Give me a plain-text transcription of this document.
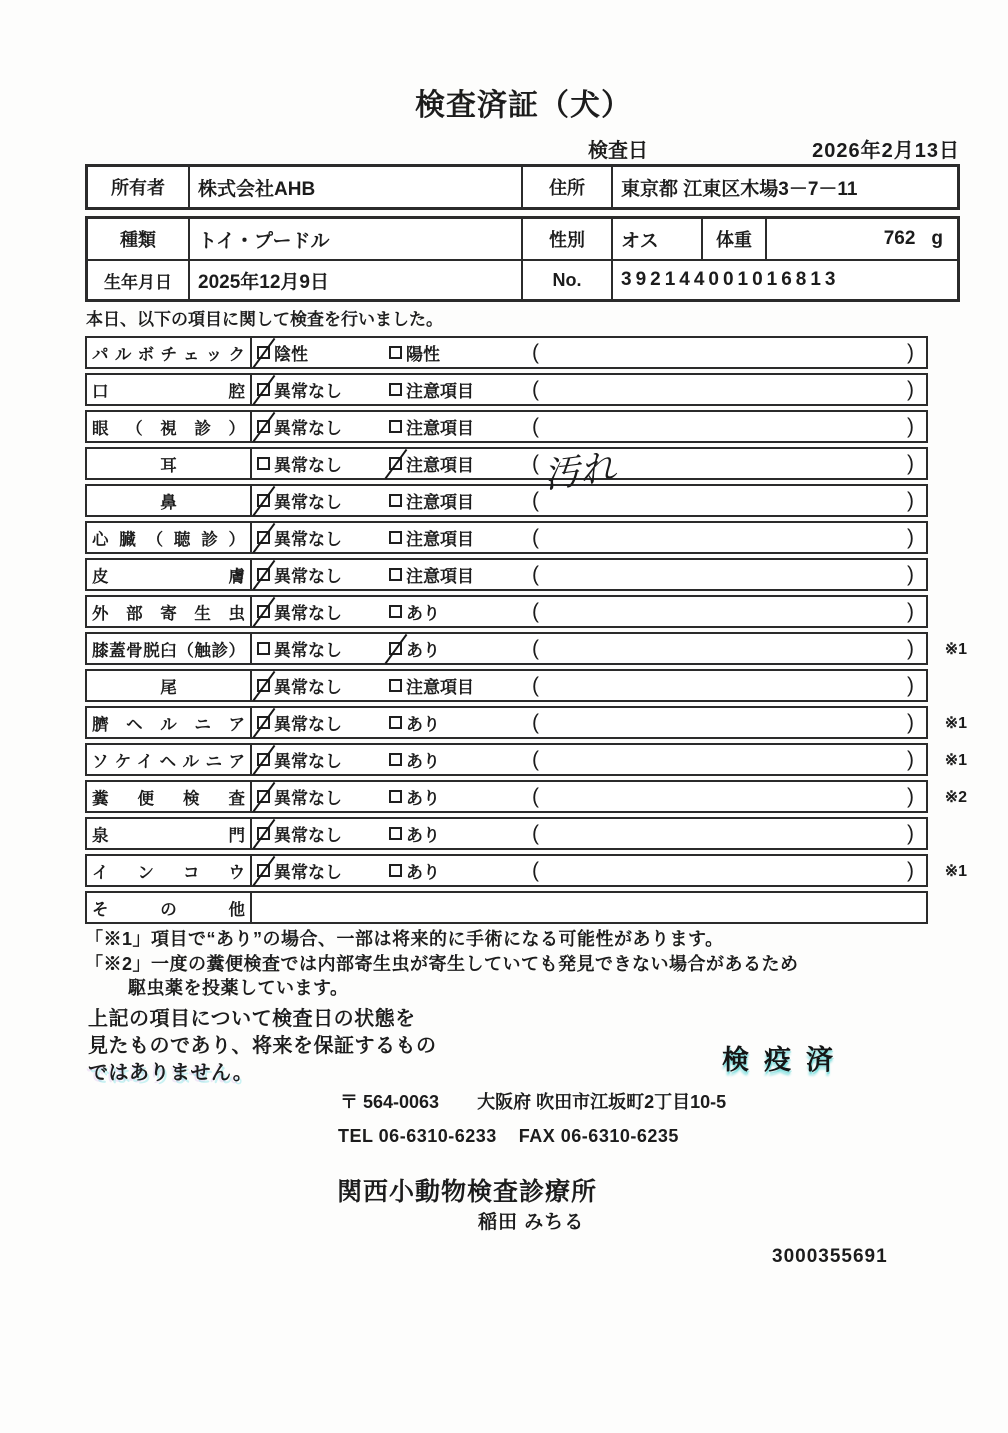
検査済証（犬）
検査日	2026年2月13日
所有者	株式会社AHB	住所	東京都 江東区木場3－7－11
種類	トイ・プードル	性別	オス	体重	762 g
生年月日	2025年12月9日	No.	392144001016813
本日、以下の項目に関して検査を行いました。
パルボチェック 陰性	陽性	(	)
口腔 異常なし	注意項目	(	)
眼（視診） 異常なし	注意項目	(	)
耳	異常なし	注意項目	( 汚れ	)
鼻	異常なし	注意項目	(	)
心臓（聴診） 異常なし	注意項目	(	)
皮膚 異常なし	注意項目	(	)
外部寄生虫 異常なし	あり	(	)
膝蓋骨脱臼（触診） 異常なし	あり	(	) ※1
尾	異常なし	注意項目	(	)
臍ヘルニア 異常なし	あり	(	) ※1
ソケイヘルニア 異常なし	あり	(	) ※1
糞便検査 異常なし	あり	(	) ※2
泉門 異常なし	あり	(	)
インコウ 異常なし	あり	(	) ※1
その他
「※1」項目で“あり”の場合、一部は将来的に手術になる可能性があります。
「※2」一度の糞便検査では内部寄生虫が寄生していても発見できない場合があるため
駆虫薬を投薬しています。
上記の項目について検査日の状態を
見たものであり、将来を保証するもの
ではありません。	検疫済
〒 564-0063 大阪府 吹田市江坂町2丁目10-5
TEL 06-6310-6233 FAX 06-6310-6235
関西小動物検査診療所
稲田 みちる
3000355691
